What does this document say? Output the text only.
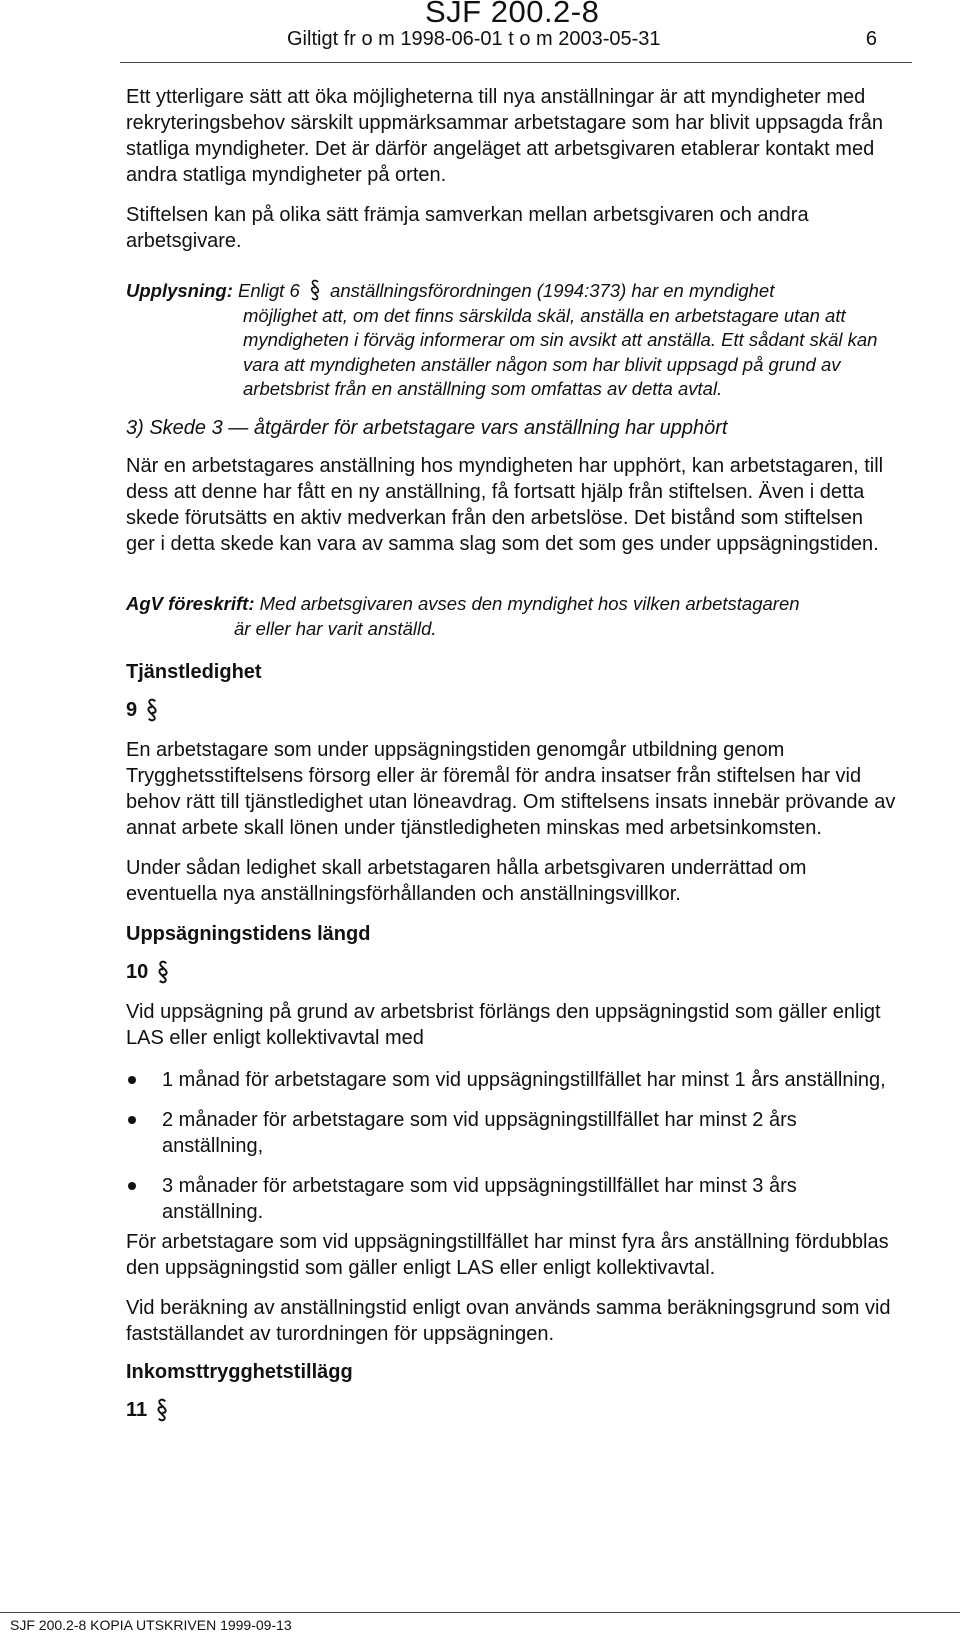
SJF 200.2-8
Giltigt fr o m 1998-06-01 t o m 2003-05-31	6

Ett ytterligare sätt att öka möjligheterna till nya anställningar är att myndigheter med rekryteringsbehov särskilt uppmärksammar arbetstagare som har blivit uppsagda från statliga myndigheter. Det är därför angeläget att arbetsgivaren etablerar kontakt med andra statliga myndigheter på orten.

Stiftelsen kan på olika sätt främja samverkan mellan arbetsgivaren och andra arbetsgivare.

Upplysning: Enligt 6 anställningsförordningen (1994:373) har en myndighet
möjlighet att, om det finns särskilda skäl, anställa en arbetstagare utan att myndigheten i förväg informerar om sin avsikt att anställa. Ett sådant skäl kan vara att myndigheten anställer någon som har blivit uppsagd på grund av arbetsbrist från en anställning som omfattas av detta avtal.

3) Skede 3 — åtgärder för arbetstagare vars anställning har upphört

När en arbetstagares anställning hos myndigheten har upphört, kan arbetstagaren, till dess att denne har fått en ny anställning, få fortsatt hjälp från stiftelsen. Även i detta skede förutsätts en aktiv medverkan från den arbetslöse. Det bistånd som stiftelsen ger i detta skede kan vara av samma slag som det som ges under uppsägningstiden.

AgV föreskrift: Med arbetsgivaren avses den myndighet hos vilken arbetstagaren
är eller har varit anställd.

Tjänstledighet

9

En arbetstagare som under uppsägningstiden genomgår utbildning genom Trygghetsstiftelsens försorg eller är föremål för andra insatser från stiftelsen har vid behov rätt till tjänstledighet utan löneavdrag. Om stiftelsens insats innebär prövande av annat arbete skall lönen under tjänstledigheten minskas med arbetsinkomsten.

Under sådan ledighet skall arbetstagaren hålla arbetsgivaren underrättad om eventuella nya anställningsförhållanden och anställningsvillkor.

Uppsägningstidens längd

10

Vid uppsägning på grund av arbetsbrist förlängs den uppsägningstid som gäller enligt LAS eller enligt kollektivavtal med

1 månad för arbetstagare som vid uppsägningstillfället har minst 1 års anställning,
2 månader för arbetstagare som vid uppsägningstillfället har minst 2 års anställning,
3 månader för arbetstagare som vid uppsägningstillfället har minst 3 års anställning.

För arbetstagare som vid uppsägningstillfället har minst fyra års anställning fördubblas den uppsägningstid som gäller enligt LAS eller enligt kollektivavtal.

Vid beräkning av anställningstid enligt ovan används samma beräkningsgrund som vid fastställandet av turordningen för uppsägningen.

Inkomsttrygghetstillägg

11
SJF 200.2-8 KOPIA UTSKRIVEN 1999-09-13
